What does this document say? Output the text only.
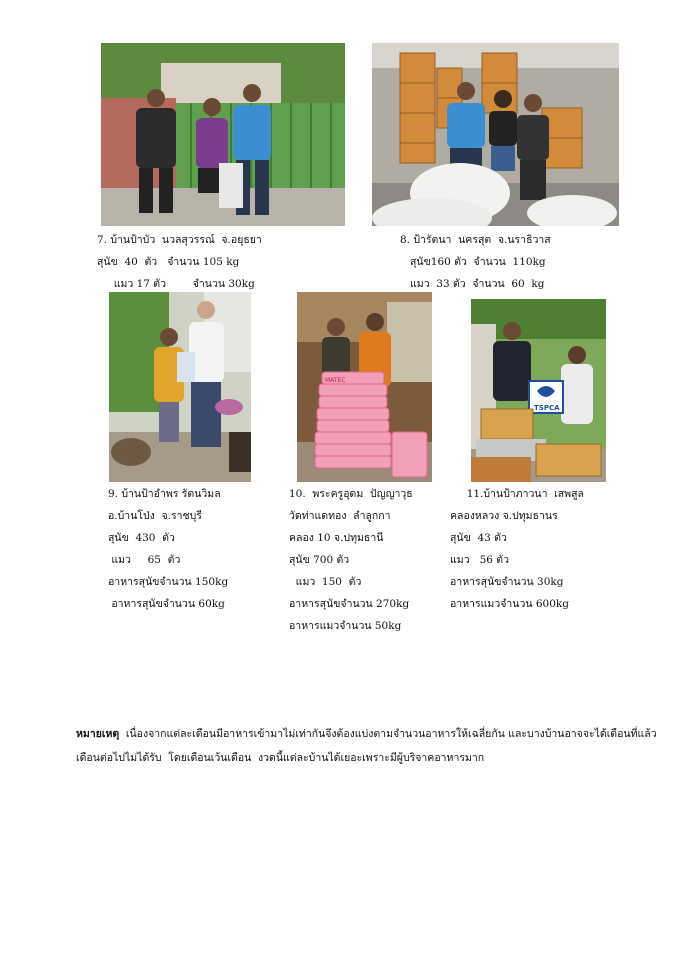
7. บ้านป้าบัว  นวลสุวรรณ์  จ.อยุธยา
สุนัข  40  ตัว   จำนวน 105 kg
แมว 17 ตัว        จำนวน 30kg
8. ป้ารัตนา  นครสุต  จ.นราธิวาส
สุนัข160 ตัว  จำนวน  110kg
แมว  33 ตัว  จำนวน  60  kg
MATEC
TSPCA
9. บ้านป้าอำพร รัตนวิมล
อ.บ้านโป่ง  จ.ราชบุรี
สุนัข  430  ตัว
แมว     65  ตัว
อาหารสุนัขจำนวน 150kg
อาหารสุนัขจำนวน 60kg
10.  พระครูอุดม  ปัญญาวุธ
วัดท่าแดทอง  ลำลูกกา
คลอง 10 จ.ปทุมธานี
สุนัข 700 ตัว
แมว  150  ตัว
อาหารสุนัขจำนวน 270kg
อาหารแมวจำนวน 50kg
11.บ้านป้าภาวนา  เสพสูล
คลองหลวง จ.ปทุมธานร
สุนัข  43 ตัว
แมว   56 ตัว
อาหารสุนัขจำนวน 30kg
อาหารแมวจำนวน 600kg
หมายเหตุ  เนื่องจากแต่ละเดือนมีอาหารเข้ามาไม่เท่ากันจึงต้องแบ่งตามจำนวนอาหารให้เฉลี่ยกัน และบางบ้านอาจจะได้เดือนที่แล้ว  เดือนต่อไปไม่ได้รับ  โดยเดือนเว้นเดือน  งวดนี้แต่ละบ้านได้เยอะเพราะมีผู้บริจาคอาหารมาก
